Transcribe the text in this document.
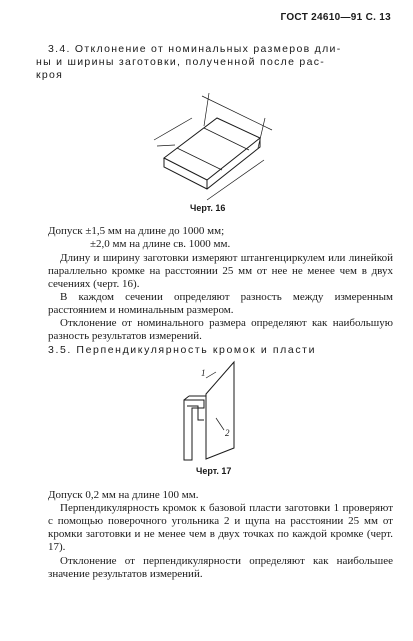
ГОСТ 24610—91 С. 13
3.4. Отклонение от номинальных размеров дли-
ны и ширины заготовки, полученной после рас-
кроя
Черт. 16
Допуск ±1,5 мм на длине до 1000 мм;
±2,0 мм на длине св. 1000 мм.
Длину и ширину заготовки измеряют штангенциркулем или линейкой параллельно кромке на расстоянии 25 мм от нее не менее чем в двух сечениях (черт. 16).
В каждом сечении определяют разность между измеренным расстоянием и номинальным размером.
Отклонение от номинального размера определяют как наибольшую разность результатов измерений.
3.5. Перпендикулярность кромок и пласти
1
2
Черт. 17
Допуск 0,2 мм на длине 100 мм.
Перпендикулярность кромок к базовой пласти заготовки 1 проверяют с помощью поверочного угольника 2 и щупа на расстоянии 25 мм от кромки заготовки и не менее чем в двух точках по каждой кромке (черт. 17).
Отклонение от перпендикулярности определяют как наибольшее значение результатов измерений.
